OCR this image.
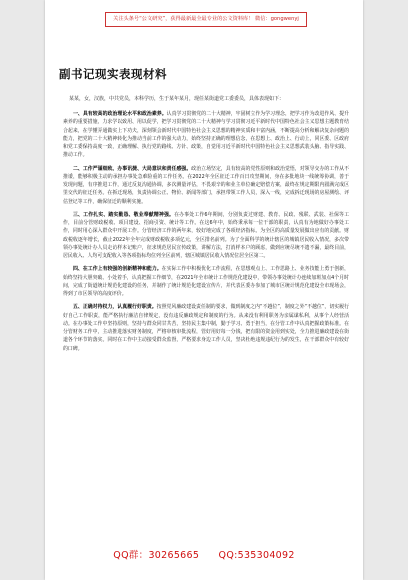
关注头条号“公文研究”，获得最新最全最专业的公文资料库！ 微信：gongwenyj
副书记现实表现材料
某某，女，汉族，中共党员，本科学历，生于某年某月，现任某街道党工委委员，具体表现如下：

一、具有较高的政治理论水平和政治素养。认真学习贯彻党的二十大精神，牢固树立作为学习理念，把学习作为改进作风、提升素养的重要措施，力求学以致用、用以促学，把学习贯彻党的二十大精神与学习贯彻习近平新时代中国特色社会主义思想主题教育结合起来，在学懂弄通做实上下功夫，深刻领会新时代中国特色社会主义思想的精神实质和丰富内涵，不断提高分析和解决复杂问题的能力，把党的二十大精神转化为推动当前工作的强大动力，始终坚持正确的理想信念，在思想上、政治上、行动上，同区委、区政府和党工委保持高度一致，正确理解、执行党的路线、方针、政策，自觉用习近平新时代中国特色社会主义思想武装头脑、指导实践、推动工作。

二、工作严谨细致、办事讯捷、大局意识和责任感强。政治立场坚定，具有较高的党性原则和政治觉悟，对领导交办的工作从不推诿，能够积极主动的承担办事处急难险重的工作任务。在2022年全区征迁工作百日攻坚期间，身在多批地块一线统筹协调，善于发现问题，有序推进工作，通过反复沟通协调，多次测量评估，不畏艰辛的和业主单位确定赔偿方案，最终在规定期限内圆满完成区里交代的征迁任务。在拆迁现场，负责协调公正、物价、新闻等部门，承担带领工作人员，深入一线，完成拆迁现场的房屋测绘、评估登记等工作，确保征迁的顺利实施。

三、工作扎实、踏实勤恳、敬业奉献精神强。在办事处工作6年期间，分别负责过财建、教育、民政、残联、武装、社保等工作，目前分管财政税收、项目建设、招商引资、统计等工作。在这6年中，始终秉承每一位干部的职责，认真有为地做好办事处工作，同时用心深入群众中开展工作。分管经济工作的两年来，较好地完成了各项经济指标。为全区的高质量发展做出应有的贡献。财政税收逐年增长，截止2022年全年完成财政税收多项亿元，全区排名前列。为了全面科学的统计辖区的城镇居民收入情况，多次带领办事处统计办人员走访样本记账户，征求规范居民宣传政策，讲解方法，打消样本户的顾虑，做到应统尽统不遗不漏，最终目前，居民收入、人均可支配收入等各项指标均位列全区前列，辖区城镇居民收入情况位居全区第二。

四、在工作上有较强的创新精神和能力。在实际工作中积极优化工作流程，在思想观点上、工作思路上、业务技能上勇于创新，始终坚持大胆突破、小处着手，认真把握工作细节，在2021年全市统计工作规范化建设中，带领办事处统计办连续加班加点4个月时间，完成了街道统计规范化建设的任务，并制作了统计规范化建设宣传片，并代表区委办参加了城市区统计规范化建设全市现场会，得到了市区领导的高度评价。

五、正确对待权力，认真履行好职责。按照党风廉政建设责任制的要求，做到制度之内“不越位”，制度之外“不越位”，切实履行好自己工作职责，能严格执行廉洁自律规定，没有违反廉政规定和制度的行为。从来没有利用职务为亲属谋私利，从事个人经营活动。在办事处工作中坚持原则，坚持与群众同甘共苦，坚持民主集中制，勤于学习、勇于担当，在分管工作中认真把握政策标准。在分管财务工作中，主动推进落实财务制度，严格审核审批流程，管好用好每一分钱，把有限的资金用到实处，全力推进廉政建设在街道各个环节的落实。同时在工作中主动接受群众监督，严格要求身边工作人员，坚决杜绝违规违纪行为的发生，在干部群众中有较好的口碑。

QQ群：30265665 QQ:535304092
